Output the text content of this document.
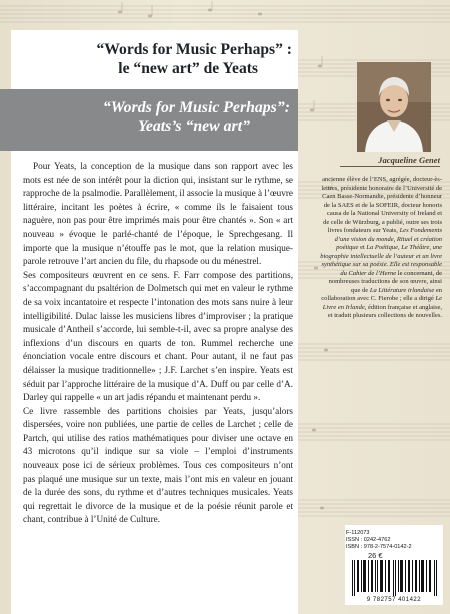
“Words for Music Perhaps” :
le “new art” de Yeats
“Words for Music Perhaps”:
Yeats’s “new art”

Pour Yeats, la conception de la musique dans son rapport avec les mots est née de son intérêt pour la diction qui, insistant sur le rythme, se rapproche de la psalmodie. Parallèlement, il associe la musique à l’œuvre littéraire, incitant les poètes à écrire, « comme ils le faisaient tous naguère, non pas pour être imprimés mais pour être chantés ». Son « art nouveau » évoque le parlé-chanté de l’époque, le Sprechgesang. Il importe que la musique n’étouffe pas le mot, que la relation musique-parole retrouve l’art ancien du file, du rhapsode ou du ménestrel.

Ses compositeurs œuvrent en ce sens. F. Farr compose des partitions, s’accompagnant du psaltérion de Dolmetsch qui met en valeur le rythme de sa voix incantatoire et respecte l’intonation des mots sans nuire à leur intelligibilité. Dulac laisse les musiciens libres d’improviser ; la pratique musicale d’Antheil s’accorde, lui semble-t-il, avec sa propre analyse des inflexions d’un discours en quarts de ton. Rummel recherche une énonciation vocale entre discours et chant. Pour autant, il ne faut pas délaisser la musique traditionnelle» ; J.F. Larchet s’en inspire. Yeats est séduit par l’approche littéraire de la musique d’A. Duff ou par celle d’A. Darley qui rappelle « un art jadis répandu et maintenant perdu ».

Ce livre rassemble des partitions choisies par Yeats, jusqu’alors dispersées, voire non publiées, une partie de celles de Larchet ; celle de Partch, qui utilise des ratios mathématiques pour diviser une octave en 43 microtons qu’il indique sur sa viole – l’emploi d’instruments nouveaux pose ici de sérieux problèmes. Tous ces compositeurs n’ont pas plaqué une musique sur un texte, mais l’ont mis en valeur en jouant de la durée des sons, du rythme et d’autres techniques musicales. Yeats qui regrettait le divorce de la musique et de la poésie réunit parole et chant, contribue à l’Unité de Culture.

Jacqueline Genet
ancienne élève de l’ENS, agrégée, docteur-ès-lettres, présidente honoraire de l’Université de Caen Basse-Normandie, présidente d’honneur de la SAES et de la SOFEIR, docteur honoris causa de la National University of Ireland et de celle de Würzburg, a publié, outre ses trois livres fondateurs sur Yeats, Les Fondements d’une vision du monde, Rituel et création poétique et La Poétique, Le Théâtre, une biographie intellectuelle de l’auteur et un livre synthétique sur sa poésie. Elle est responsable du Cahier de l’Herne le concernant, de nombreuses traductions de son œuvre, ainsi que de La Littérature irlandaise en collaboration avec C. Fierobe ; elle a dirigé Le Livre en Irlande, édition française et anglaise, et traduit plusieurs collections de nouvelles.
F-112073
ISSN : 0242-4762
ISBN : 978-2-7574-0142-2
26 €
9 782757 401422
